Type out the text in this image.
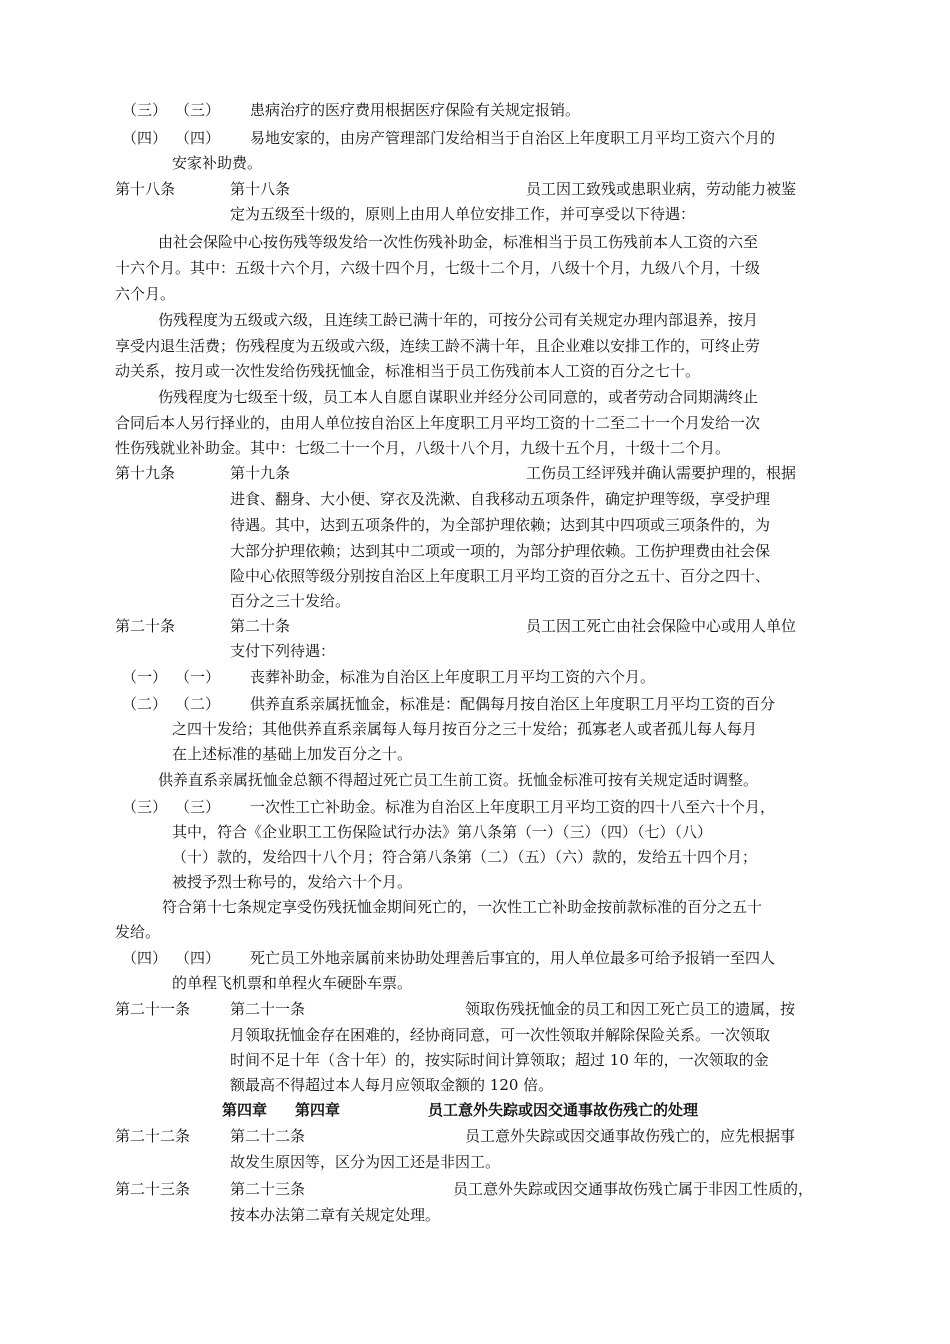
（三） （三） 患病治疗的医疗费用根据医疗保险有关规定报销。
（四） （四） 易地安家的，由房产管理部门发给相当于自治区上年度职工月平均工资六个月的
安家补助费。
第十八条	第十八条	员工因工致残或患职业病，劳动能力被鉴
定为五级至十级的，原则上由用人单位安排工作，并可享受以下待遇：
由社会保险中心按伤残等级发给一次性伤残补助金，标准相当于员工伤残前本人工资的六至
十六个月。其中：五级十六个月，六级十四个月，七级十二个月，八级十个月，九级八个月，十级
六个月。
伤残程度为五级或六级，且连续工龄已满十年的，可按分公司有关规定办理内部退养，按月
享受内退生活费；伤残程度为五级或六级，连续工龄不满十年，且企业难以安排工作的，可终止劳
动关系，按月或一次性发给伤残抚恤金，标准相当于员工伤残前本人工资的百分之七十。
伤残程度为七级至十级，员工本人自愿自谋职业并经分公司同意的，或者劳动合同期满终止
合同后本人另行择业的，由用人单位按自治区上年度职工月平均工资的十二至二十一个月发给一次
性伤残就业补助金。其中：七级二十一个月，八级十八个月，九级十五个月，十级十二个月。
第十九条	第十九条	工伤员工经评残并确认需要护理的，根据
进食、翻身、大小便、穿衣及洗漱、自我移动五项条件，确定护理等级，享受护理
待遇。其中，达到五项条件的，为全部护理依赖；达到其中四项或三项条件的，为
大部分护理依赖；达到其中二项或一项的，为部分护理依赖。工伤护理费由社会保
险中心依照等级分别按自治区上年度职工月平均工资的百分之五十、百分之四十、
百分之三十发给。
第二十条	第二十条	员工因工死亡由社会保险中心或用人单位
支付下列待遇：
（一） （一） 丧葬补助金，标准为自治区上年度职工月平均工资的六个月。
（二） （二） 供养直系亲属抚恤金，标准是：配偶每月按自治区上年度职工月平均工资的百分
之四十发给；其他供养直系亲属每人每月按百分之三十发给；孤寡老人或者孤儿每人每月
在上述标准的基础上加发百分之十。
供养直系亲属抚恤金总额不得超过死亡员工生前工资。抚恤金标准可按有关规定适时调整。
（三） （三） 一次性工亡补助金。标准为自治区上年度职工月平均工资的四十八至六十个月，
其中，符合《企业职工工伤保险试行办法》第八条第（一）（三）（四）（七）（八）
（十）款的，发给四十八个月；符合第八条第（二）（五）（六）款的，发给五十四个月；
被授予烈士称号的，发给六十个月。
符合第十七条规定享受伤残抚恤金期间死亡的，一次性工亡补助金按前款标准的百分之五十
发给。
（四） （四） 死亡员工外地亲属前来协助处理善后事宜的，用人单位最多可给予报销一至四人
的单程飞机票和单程火车硬卧车票。
第二十一条	第二十一条	领取伤残抚恤金的员工和因工死亡员工的遗属，按
月领取抚恤金存在困难的，经协商同意，可一次性领取并解除保险关系。一次领取
时间不足十年（含十年）的，按实际时间计算领取；超过 10 年的，一次领取的金
额最高不得超过本人每月应领取金额的 120 倍。
第四章 第四章	员工意外失踪或因交通事故伤残亡的处理
第二十二条	第二十二条	员工意外失踪或因交通事故伤残亡的，应先根据事
故发生原因等，区分为因工还是非因工。
第二十三条	第二十三条	员工意外失踪或因交通事故伤残亡属于非因工性质的，
按本办法第二章有关规定处理。
